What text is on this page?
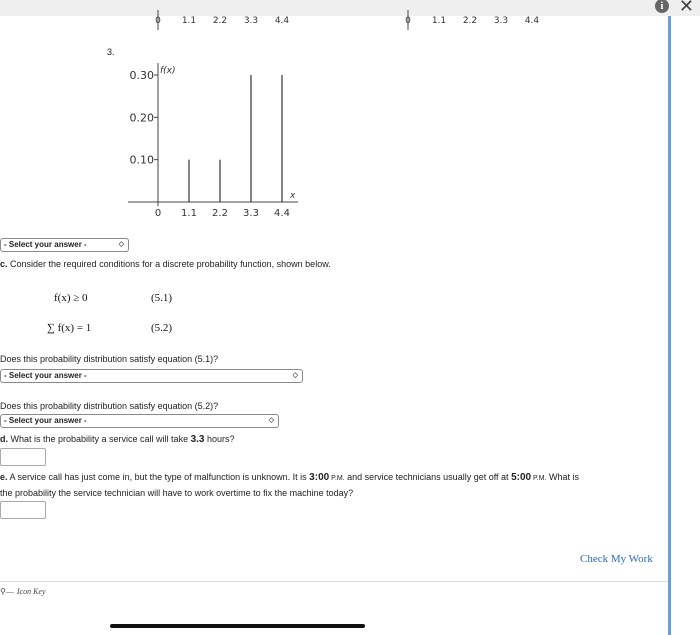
i ✕
0 1.1 2.2 3.3 4.4	0 1.1 2.2 3.3 4.4
3.
f(x)
x
0.10
0.20
0.30
0 1.1 2.2 3.3 4.4
- Select your answer -	◇
c. Consider the required conditions for a discrete probability function, shown below.
f(x) ≥ 0	(5.1)
∑ f(x) = 1	(5.2)
Does this probability distribution satisfy equation (5.1)?
- Select your answer -	◇
Does this probability distribution satisfy equation (5.2)?
- Select your answer -	◇
d. What is the probability a service call will take 3.3 hours?
e. A service call has just come in, but the type of malfunction is unknown. It is 3:00 P.M. and service technicians usually get off at 5:00 P.M. What is
the probability the service technician will have to work overtime to fix the machine today?
Check My Work
⚲— Icon Key
